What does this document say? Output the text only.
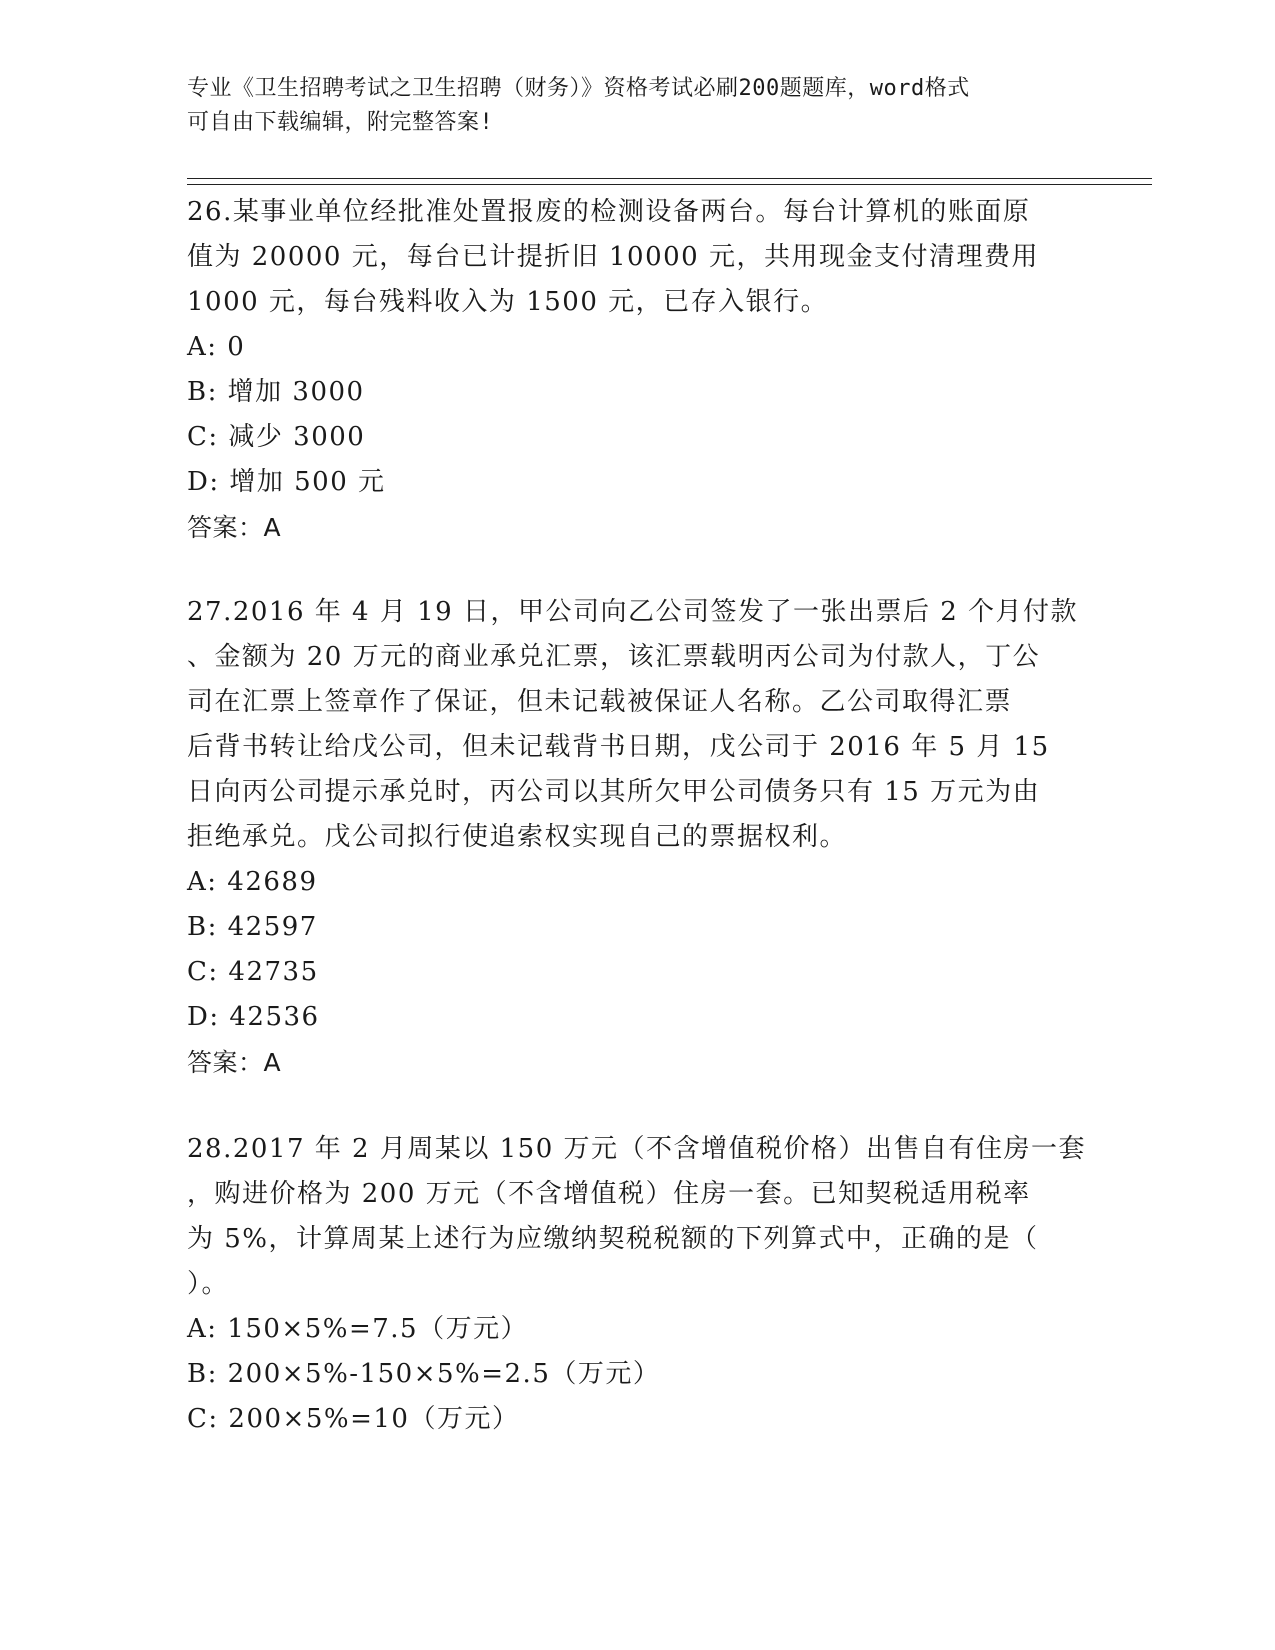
专业《卫生招聘考试之卫生招聘（财务）》资格考试必刷200题题库，word格式
可自由下载编辑，附完整答案!
26.某事业单位经批准处置报废的检测设备两台。每台计算机的账面原
值为 20000 元，每台已计提折旧 10000 元，共用现金支付清理费用
1000 元，每台残料收入为 1500 元，已存入银行。
A: 0
B: 增加 3000
C: 减少 3000
D: 增加 500 元
答案：A
27.2016 年 4 月 19 日，甲公司向乙公司签发了一张出票后 2 个月付款
、金额为 20 万元的商业承兑汇票，该汇票载明丙公司为付款人，丁公
司在汇票上签章作了保证，但未记载被保证人名称。乙公司取得汇票
后背书转让给戊公司，但未记载背书日期，戊公司于 2016 年 5 月 15
日向丙公司提示承兑时，丙公司以其所欠甲公司债务只有 15 万元为由
拒绝承兑。戊公司拟行使追索权实现自己的票据权利。
A: 42689
B: 42597
C: 42735
D: 42536
答案：A
28.2017 年 2 月周某以 150 万元（不含增值税价格）出售自有住房一套
，购进价格为 200 万元（不含增值税）住房一套。已知契税适用税率
为 5%，计算周某上述行为应缴纳契税税额的下列算式中，正确的是（
）。
A: 150×5%=7.5（万元）
B: 200×5%-150×5%=2.5（万元）
C: 200×5%=10（万元）
